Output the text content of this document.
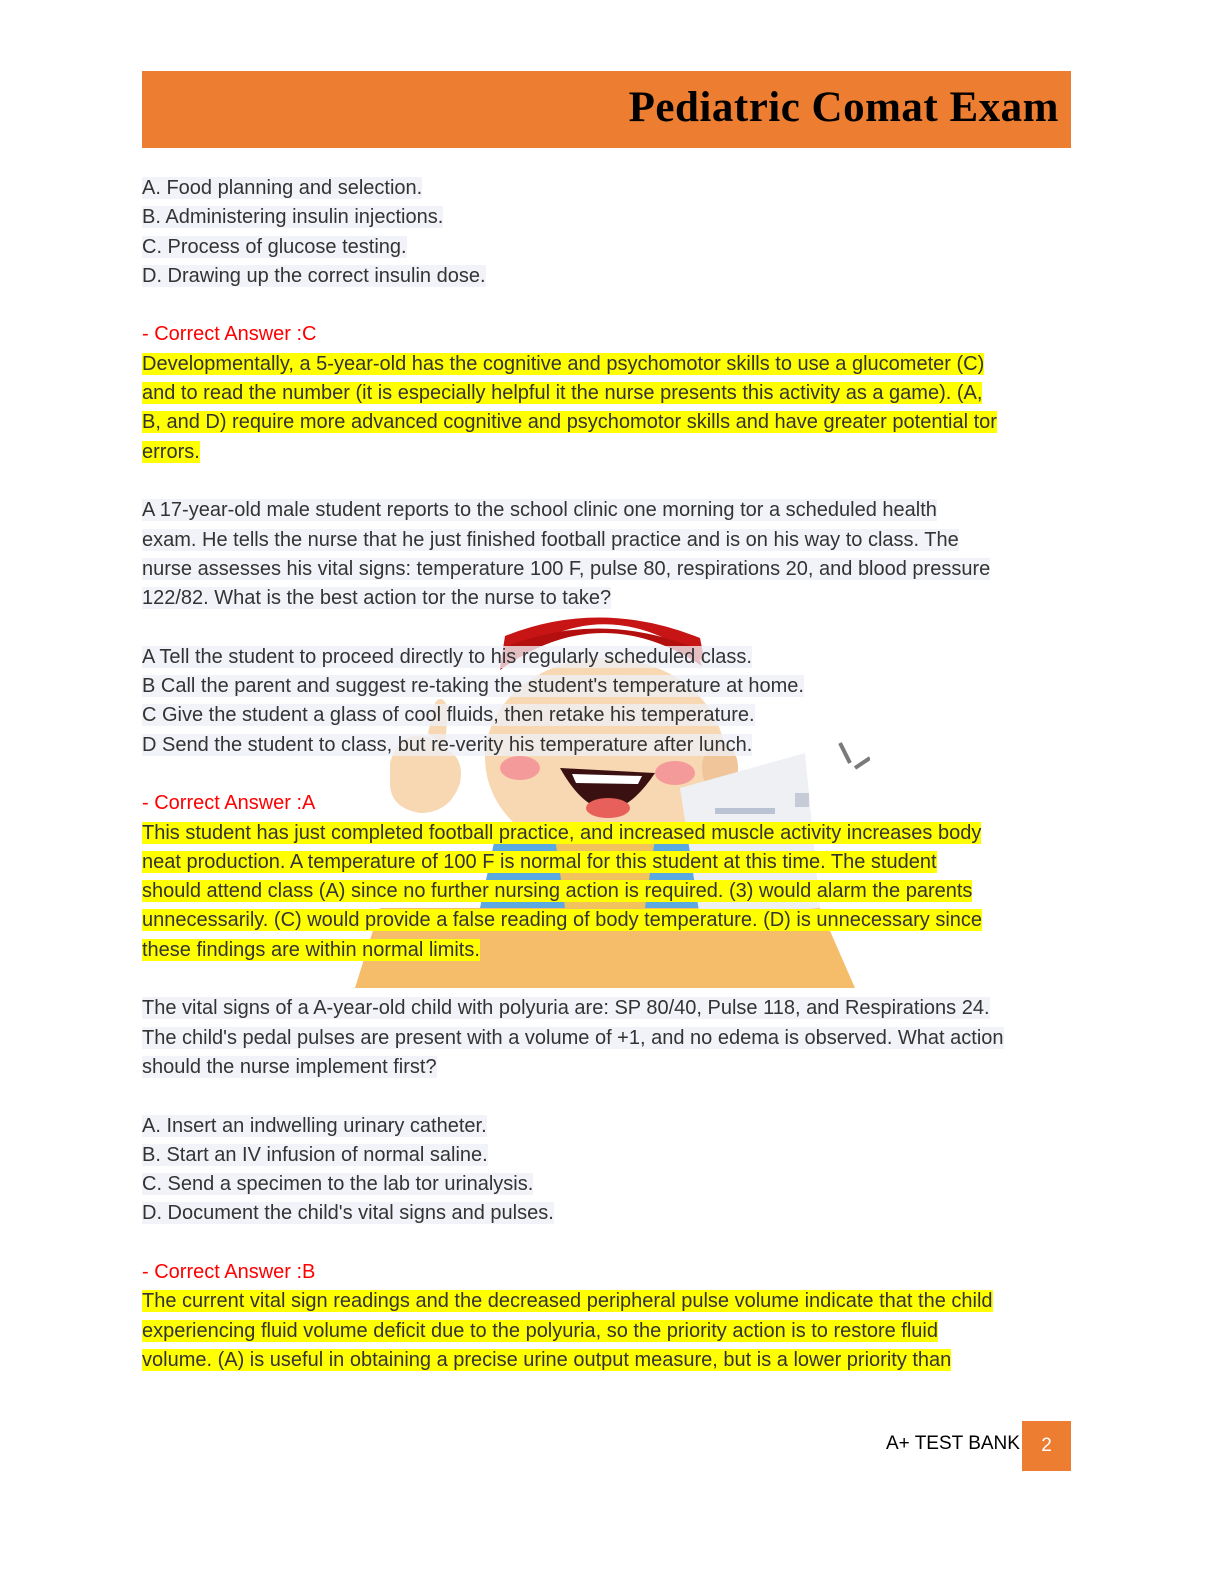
Pediatric Comat Exam
A. Food planning and selection.
B. Administering insulin injections.
C. Process of glucose testing.
D. Drawing up the correct insulin dose.
- Correct Answer :C
Developmentally, a 5-year-old has the cognitive and psychomotor skills to use a glucometer (C)
and to read the number (it is especially helpful it the nurse presents this activity as a game). (A,
B, and D) require more advanced cognitive and psychomotor skills and have greater potential tor
errors.
A 17-year-old male student reports to the school clinic one morning tor a scheduled health
exam. He tells the nurse that he just finished football practice and is on his way to class. The
nurse assesses his vital signs: temperature 100 F, pulse 80, respirations 20, and blood pressure
122/82. What is the best action tor the nurse to take?
A Tell the student to proceed directly to his regularly scheduled class.
B Call the parent and suggest re-taking the student's temperature at home.
C Give the student a glass of cool fluids, then retake his temperature.
D Send the student to class, but re-verity his temperature after lunch.
- Correct Answer :A
This student has just completed football practice, and increased muscle activity increases body
neat production. A temperature of 100 F is normal for this student at this time. The student
should attend class (A) since no further nursing action is required. (3) would alarm the parents
unnecessarily. (C) would provide a false reading of body temperature. (D) is unnecessary since
these findings are within normal limits.
The vital signs of a A-year-old child with polyuria are: SP 80/40, Pulse 118, and Respirations 24.
The child's pedal pulses are present with a volume of +1, and no edema is observed. What action
should the nurse implement first?
A. Insert an indwelling urinary catheter.
B. Start an IV infusion of normal saline.
C. Send a specimen to the lab tor urinalysis.
D. Document the child's vital signs and pulses.
- Correct Answer :B
The current vital sign readings and the decreased peripheral pulse volume indicate that the child
experiencing fluid volume deficit due to the polyuria, so the priority action is to restore fluid
volume. (A) is useful in obtaining a precise urine output measure, but is a lower priority than
A+ TEST BANK	2
